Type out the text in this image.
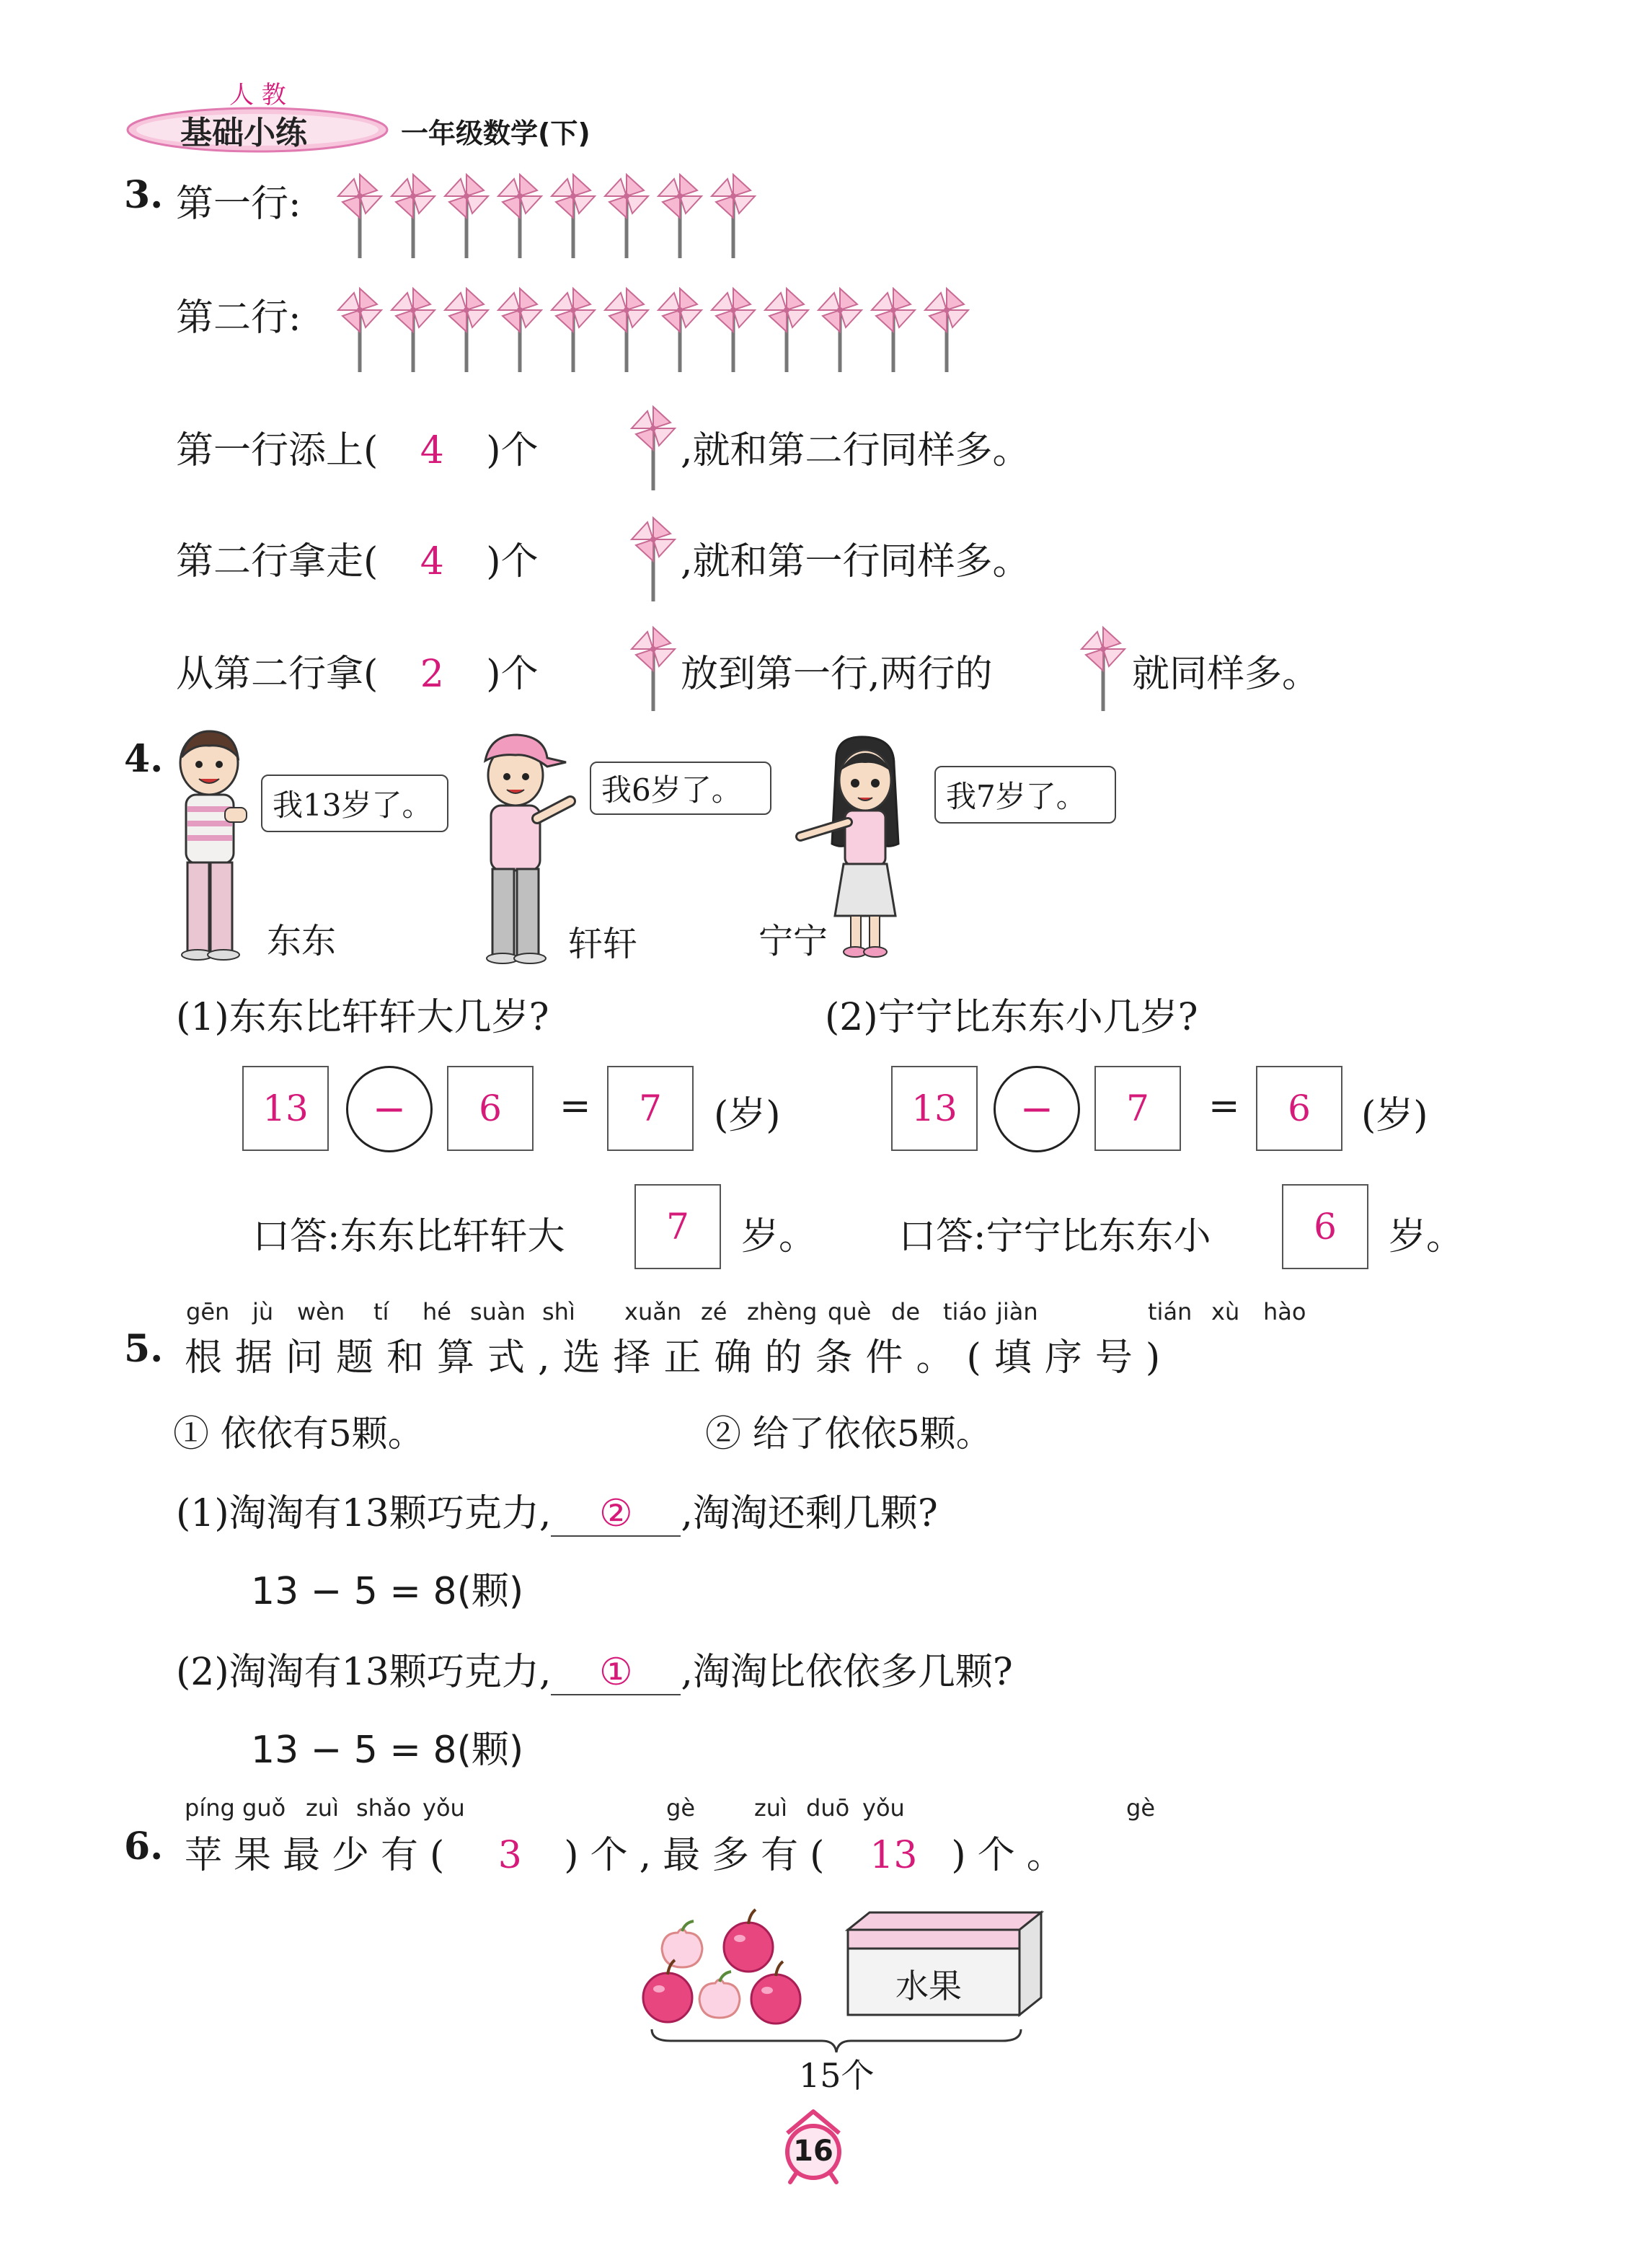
人 教
基础小练	一年级数学(下)
3. 第一行:
第二行:
第一行添上( 4 )个	,就和第二行同样多。
第二行拿走( 4 )个	,就和第一行同样多。
从第二行拿( 2 )个	放到第一行,两行的	就同样多。
4.
我13岁了。
东东
我6岁了。
轩轩
我7岁了。
宁宁
(1)东东比轩轩大几岁?
13	−	6	=	7	(岁)
口答:东东比轩轩大	7	岁。
(2)宁宁比东东小几岁?
13	−	7	=	6	(岁)
口答:宁宁比东东小	6	岁。
gēn jù wèn tí hé suàn shì xuǎn zé zhèng què de tiáo jiàn	tián xù hào
5. 根据问题和算式,选择正确的条件。(填序号)
① 依依有5颗。	② 给了依依5颗。
(1)淘淘有13颗巧克力, ② ,淘淘还剩几颗?
13 − 5 = 8(颗)
(2)淘淘有13颗巧克力, ① ,淘淘比依依多几颗?
13 − 5 = 8(颗)
píng guǒ zuì shǎo yǒu	gè	zuì duō yǒu	gè
6. 苹果最少有( 3 )个,最多有( 13 )个。
水果
15个
16
